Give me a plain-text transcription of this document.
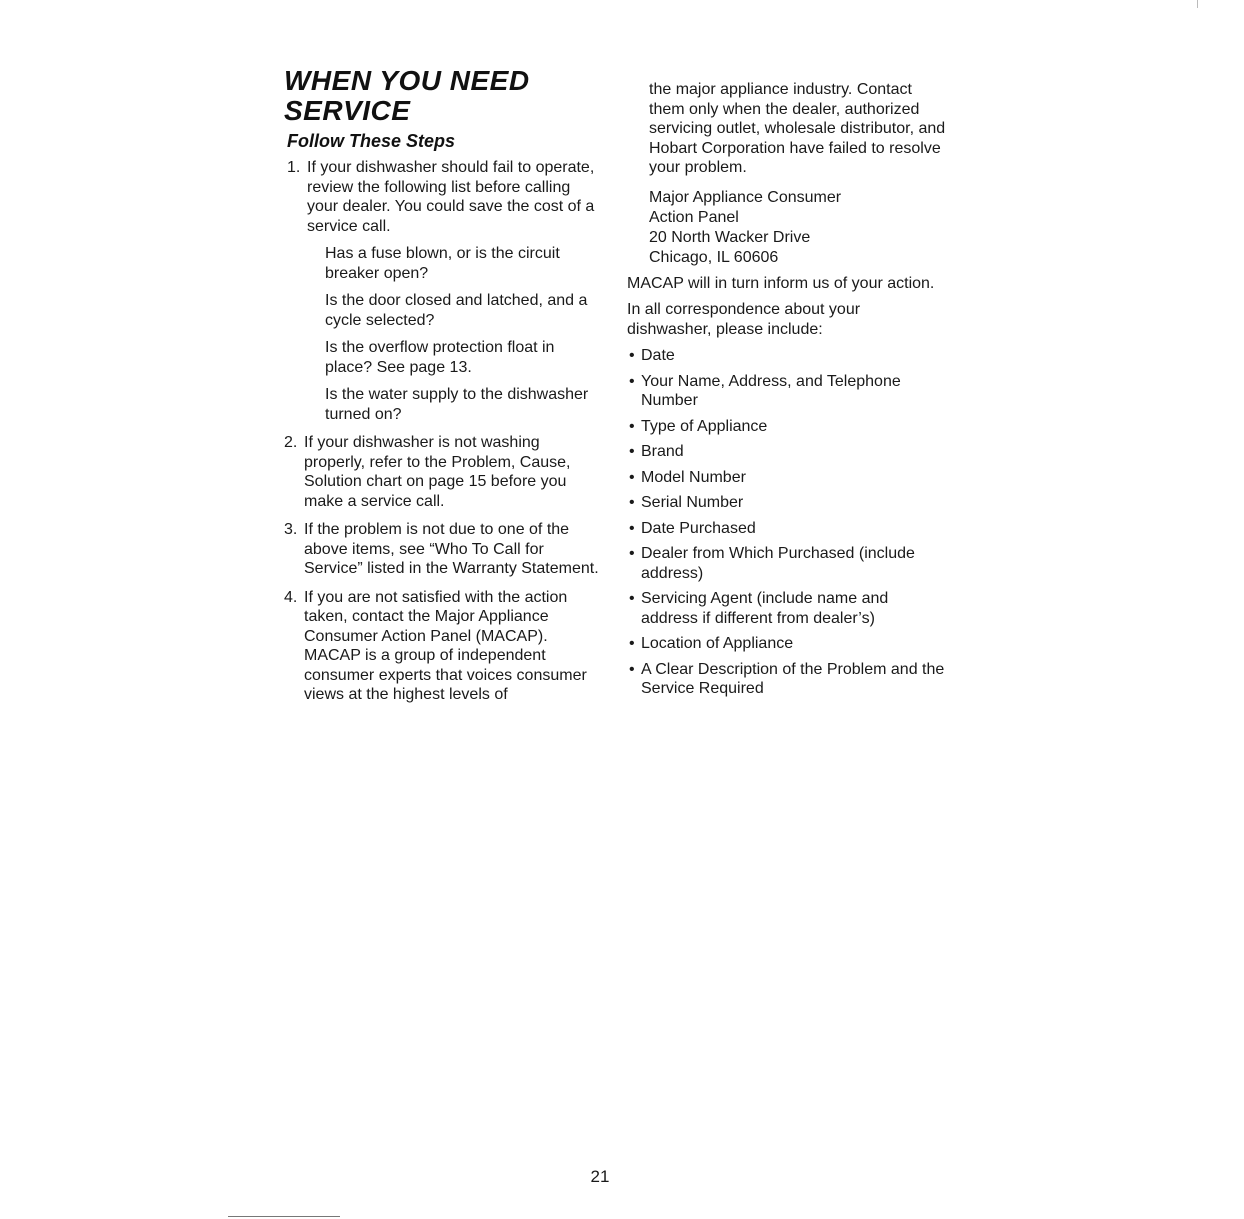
WHEN YOU NEED
SERVICE
Follow These Steps
1. If your dishwasher should fail to operate, review the following list before calling your dealer. You could save the cost of a service call.
Has a fuse blown, or is the circuit breaker open?
Is the door closed and latched, and a cycle selected?
Is the overflow protection float in place? See page 13.
Is the water supply to the dishwasher turned on?
2. If your dishwasher is not washing properly, refer to the Problem, Cause, Solution chart on page 15 before you make a service call.
3. If the problem is not due to one of the above items, see “Who To Call for Service” listed in the Warranty Statement.
4. If you are not satisfied with the action taken, contact the Major Appliance Consumer Action Panel (MACAP). MACAP is a group of independent consumer experts that voices consumer views at the highest levels of
the major appliance industry. Contact them only when the dealer, authorized servicing outlet, wholesale distributor, and Hobart Corporation have failed to resolve your problem.
Major Appliance Consumer
Action Panel
20 North Wacker Drive
Chicago, IL 60606
MACAP will in turn inform us of your action.
In all correspondence about your dishwasher, please include:
• Date
• Your Name, Address, and Telephone Number
• Type of Appliance
• Brand
• Model Number
• Serial Number
• Date Purchased
• Dealer from Which Purchased (include address)
• Servicing Agent (include name and address if different from dealer’s)
• Location of Appliance
• A Clear Description of the Problem and the Service Required
21
